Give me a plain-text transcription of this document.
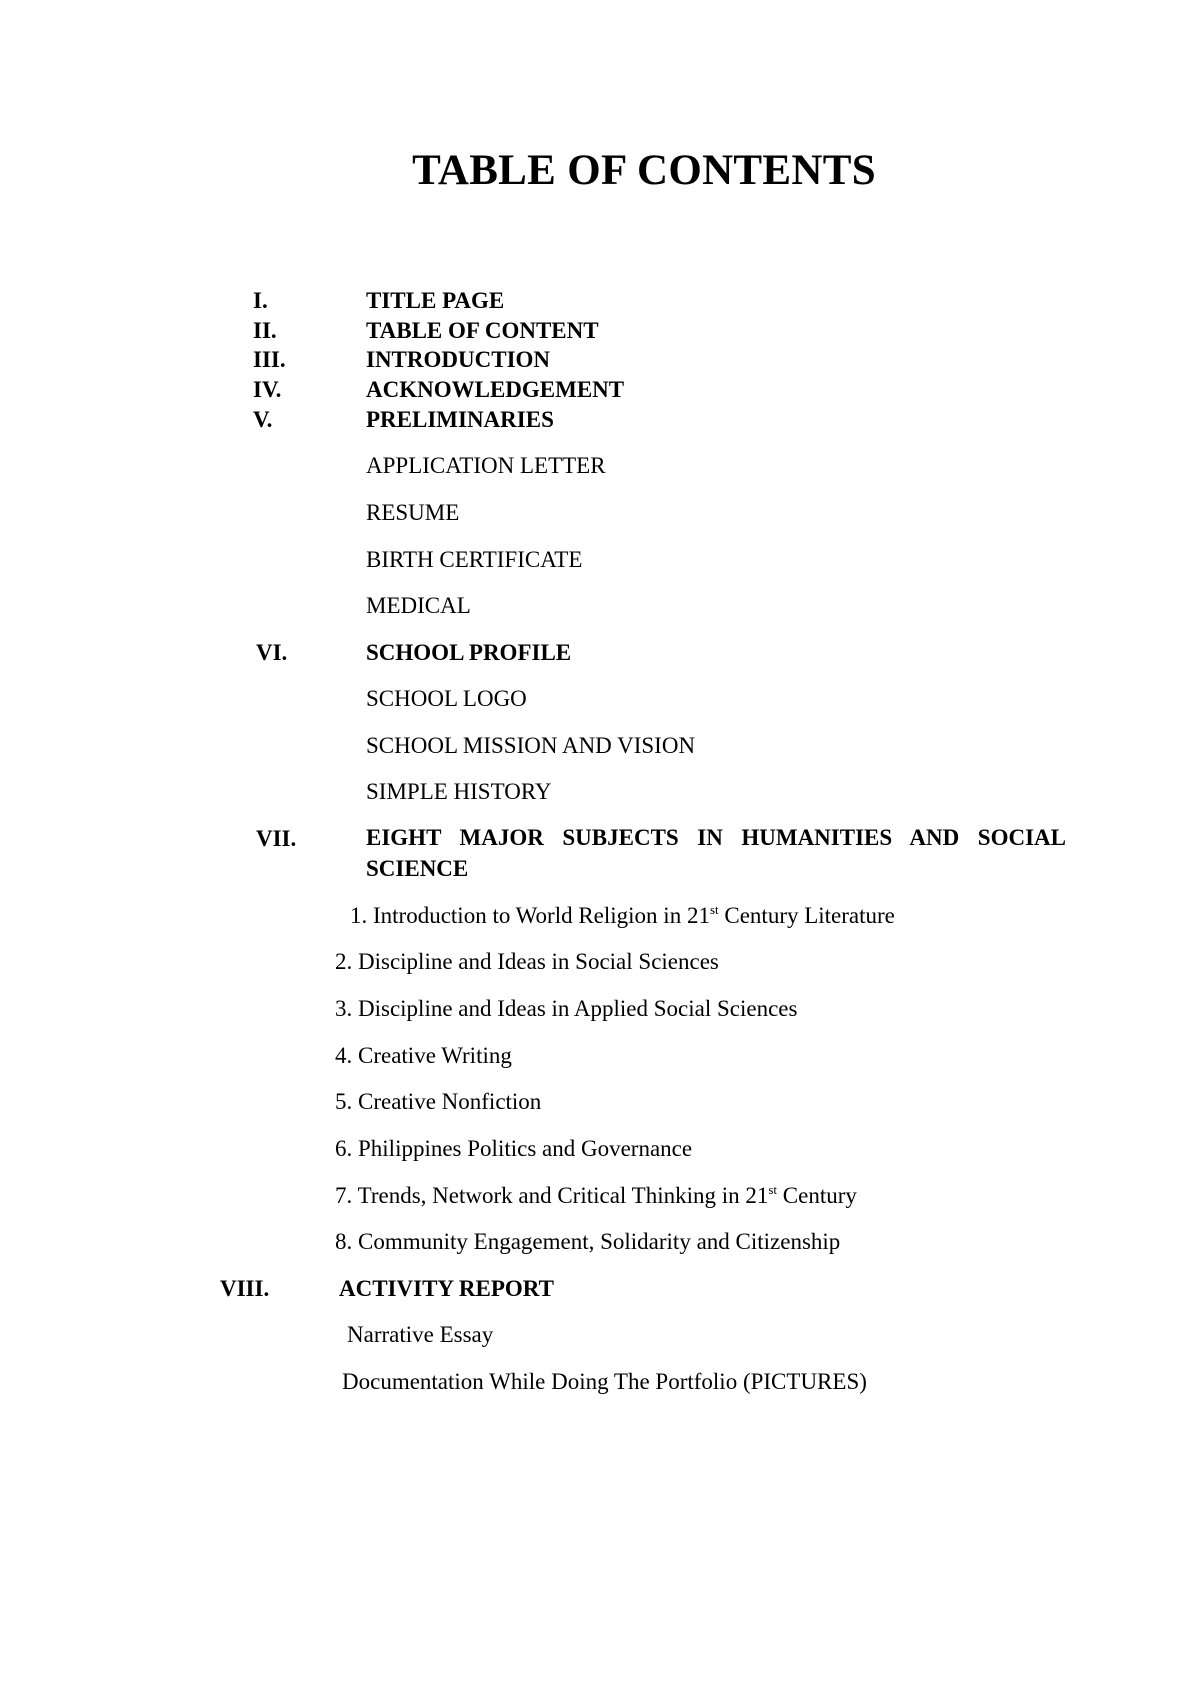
TABLE OF CONTENTS
I.	TITLE PAGE
II.	TABLE OF CONTENT
III.	INTRODUCTION
IV.	ACKNOWLEDGEMENT
V.	PRELIMINARIES
APPLICATION LETTER
RESUME
BIRTH CERTIFICATE
MEDICAL
VI.	SCHOOL PROFILE
SCHOOL LOGO
SCHOOL MISSION AND VISION
SIMPLE HISTORY
VII.	EIGHT MAJOR SUBJECTS IN HUMANITIES AND SOCIAL SCIENCE
1. Introduction to World Religion in 21st Century Literature
2. Discipline and Ideas in Social Sciences
3. Discipline and Ideas in Applied Social Sciences
4. Creative Writing
5. Creative Nonfiction
6. Philippines Politics and Governance
7. Trends, Network and Critical Thinking in 21st Century
8. Community Engagement, Solidarity and Citizenship
VIII.	ACTIVITY REPORT
Narrative Essay
Documentation While Doing The Portfolio (PICTURES)
